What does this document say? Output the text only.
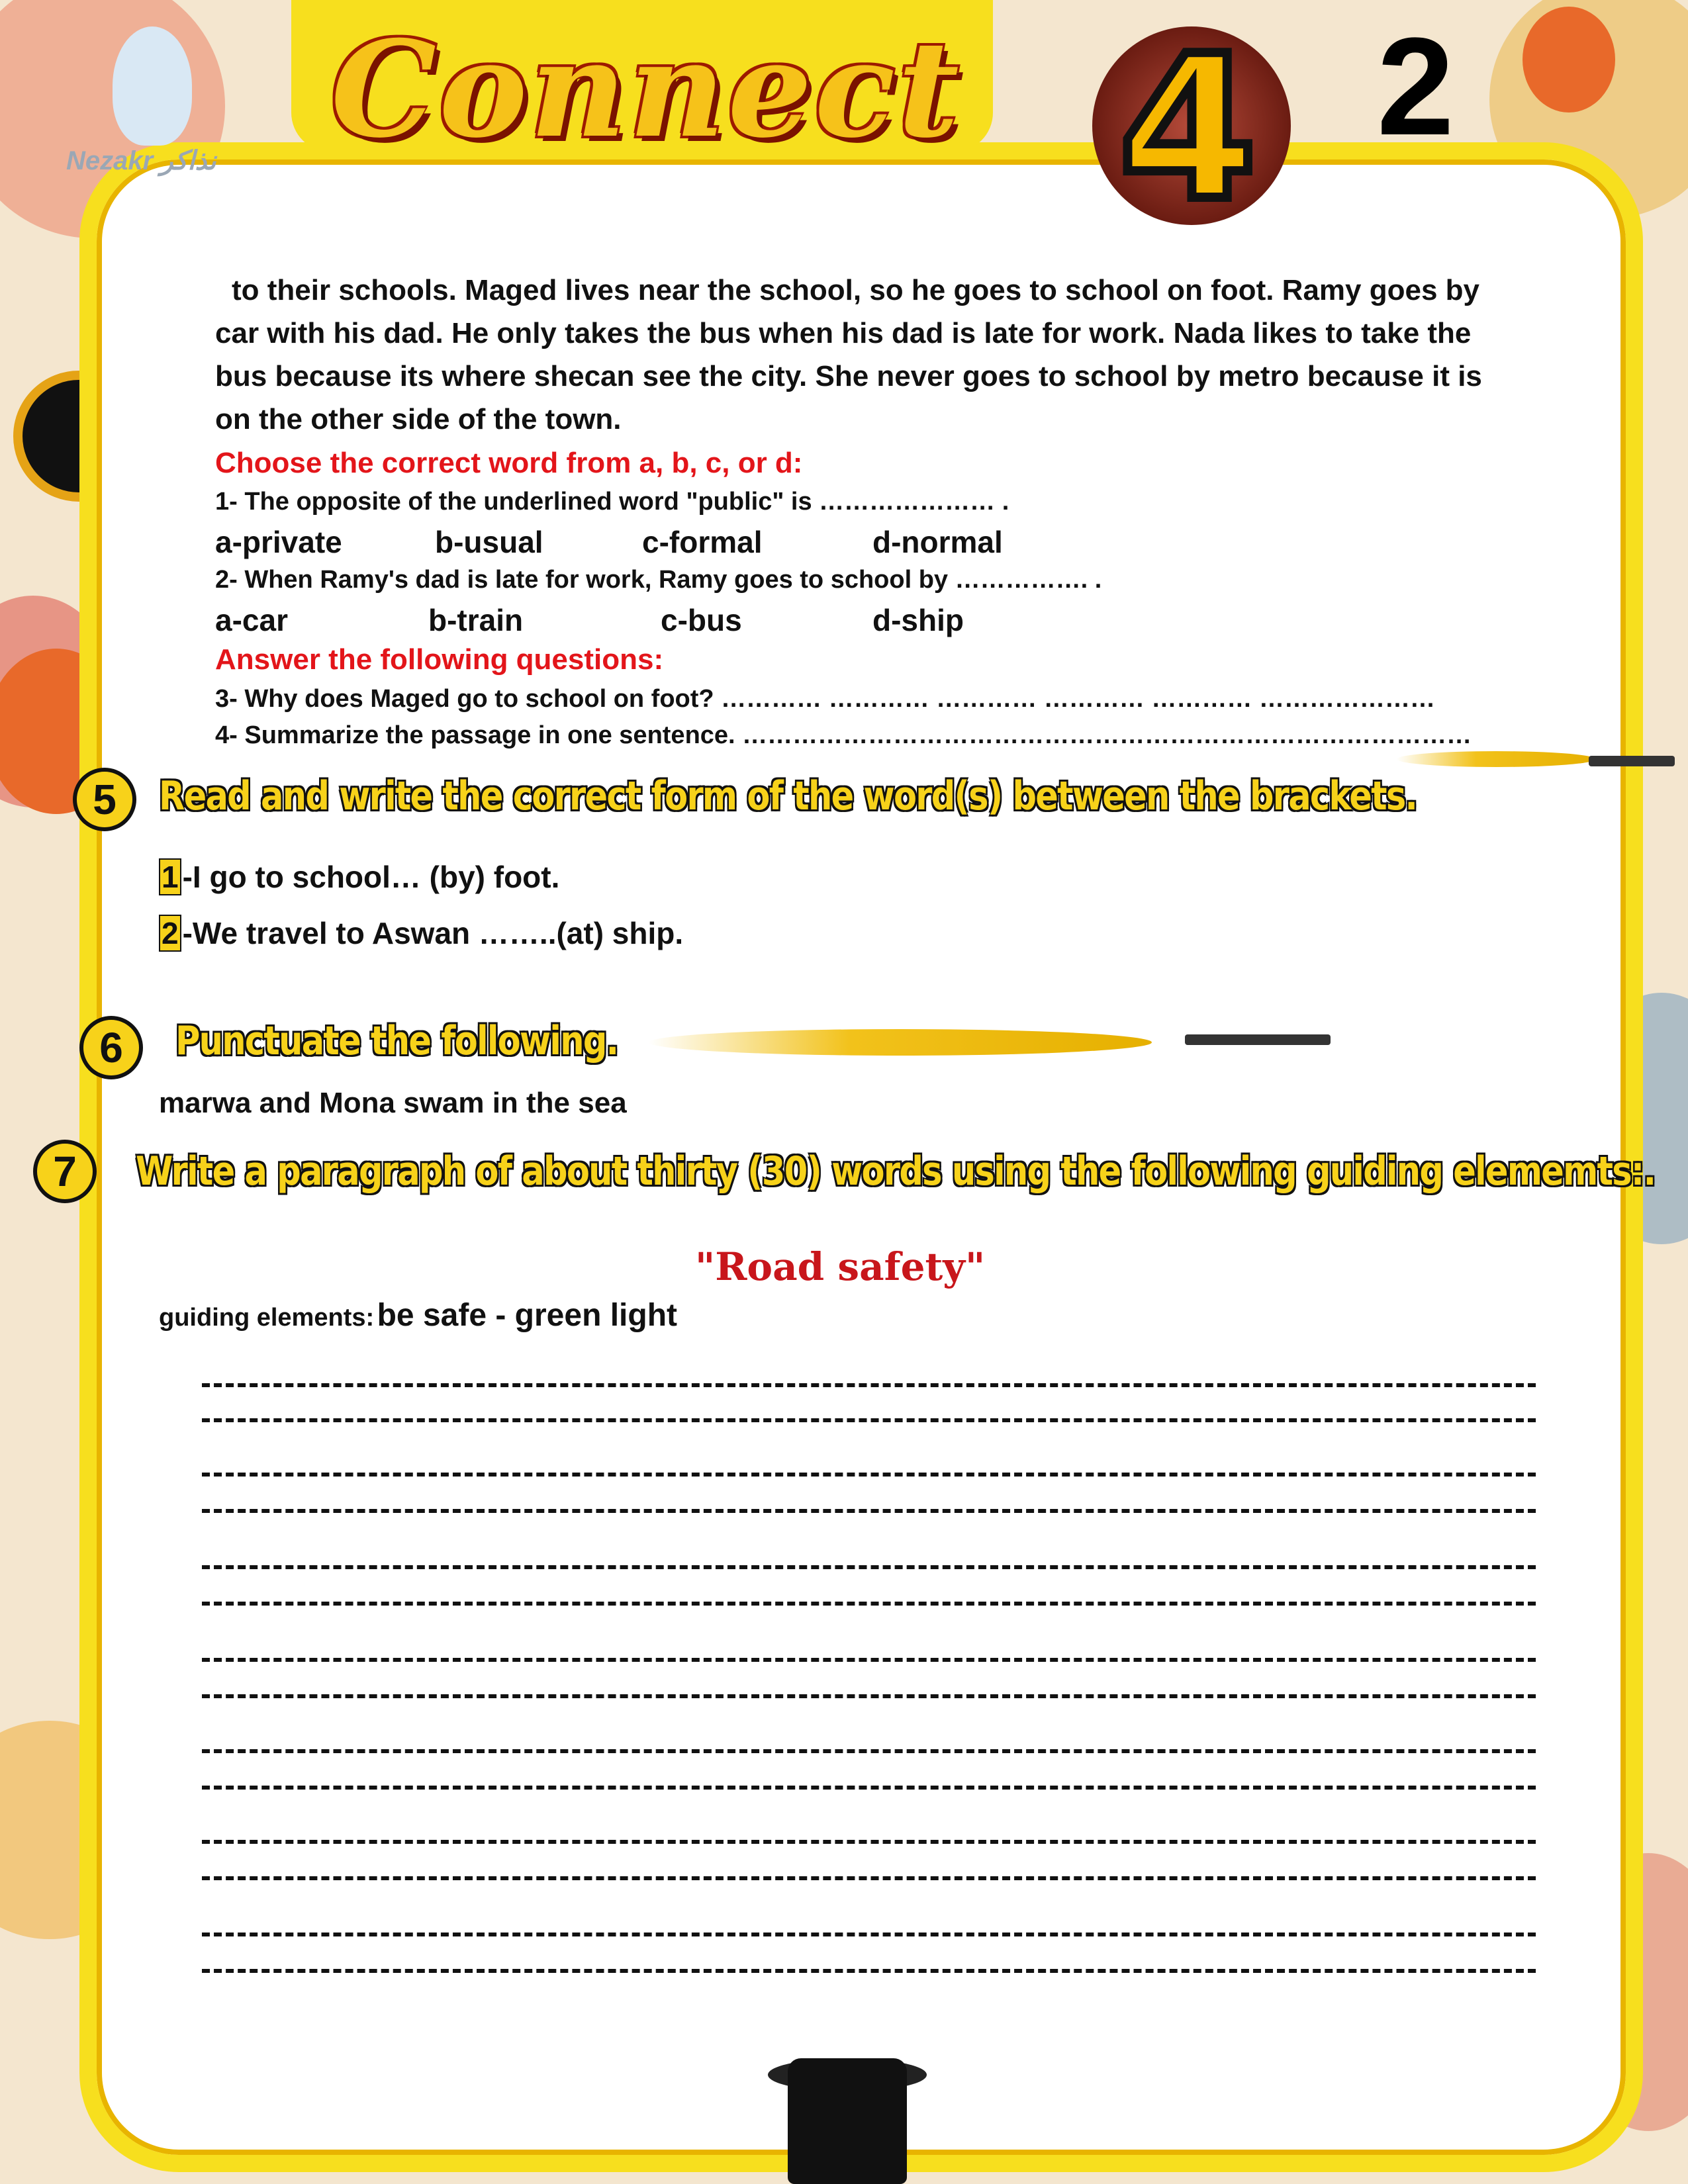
Nezakr نذاكر Connect 4 2
to their schools. Maged lives near the school, so he goes to school on foot. Ramy goes by
car with his dad. He only takes the bus when his dad is late for work. Nada likes to take the
bus because its where shecan see the city. She never goes to school by metro because it is
on the other side of the town.
Choose the correct word from a, b, c, or d:
1- The opposite of the underlined word "public" is ………………… .
a-private	b-usual	c-formal	d-normal
2- When Ramy's dad is late for work, Ramy goes to school by ……………. .
a-car	b-train	c-bus	d-ship
Answer the following questions:
3- Why does Maged go to school on foot? ………… ………… ………… ………… ………… …………………
4- Summarize the passage in one sentence. ……………………………………………………………………………
5	Read and write the correct form of the word(s) between the brackets.
1 -I go to school… (by) foot.
2 -We travel to Aswan ……..(at) ship.
6	Punctuate the following.
marwa and Mona swam in the sea
7	Write a paragraph of about thirty (30) words using the following guiding elememts:.
"Road safety"
guiding elements: be safe - green light
